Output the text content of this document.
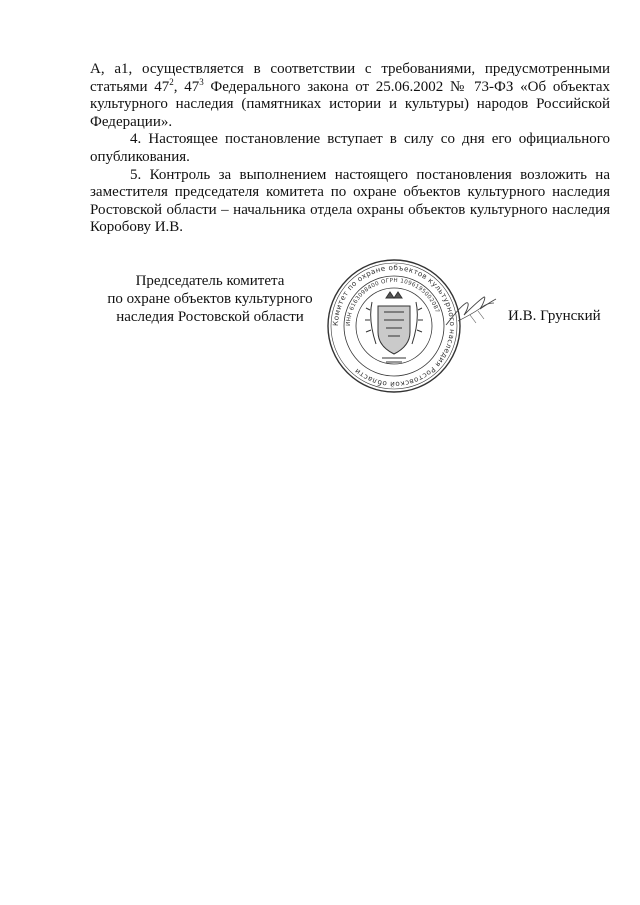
А, а1, осуществляется в соответствии с требованиями, предусмотренными статьями $47^2$, $47^3$ Федерального закона от 25.06.2002 № 73-ФЗ «Об объектах культурного наследия (памятниках истории и культуры) народов Российской Федерации».

4. Настоящее постановление вступает в силу со дня его официального опубликования.

5. Контроль за выполнением настоящего постановления возложить на заместителя председателя комитета по охране объектов культурного наследия Ростовской области – начальника отдела охраны объектов культурного наследия Коробову И.В.

Председатель комитета
по охране объектов культурного
наследия Ростовской области	Комитет по охране объектов культурного наследия Ростовской области
ИНН 6163098400 ОГРН 1096195002087	И.В. Грунский
